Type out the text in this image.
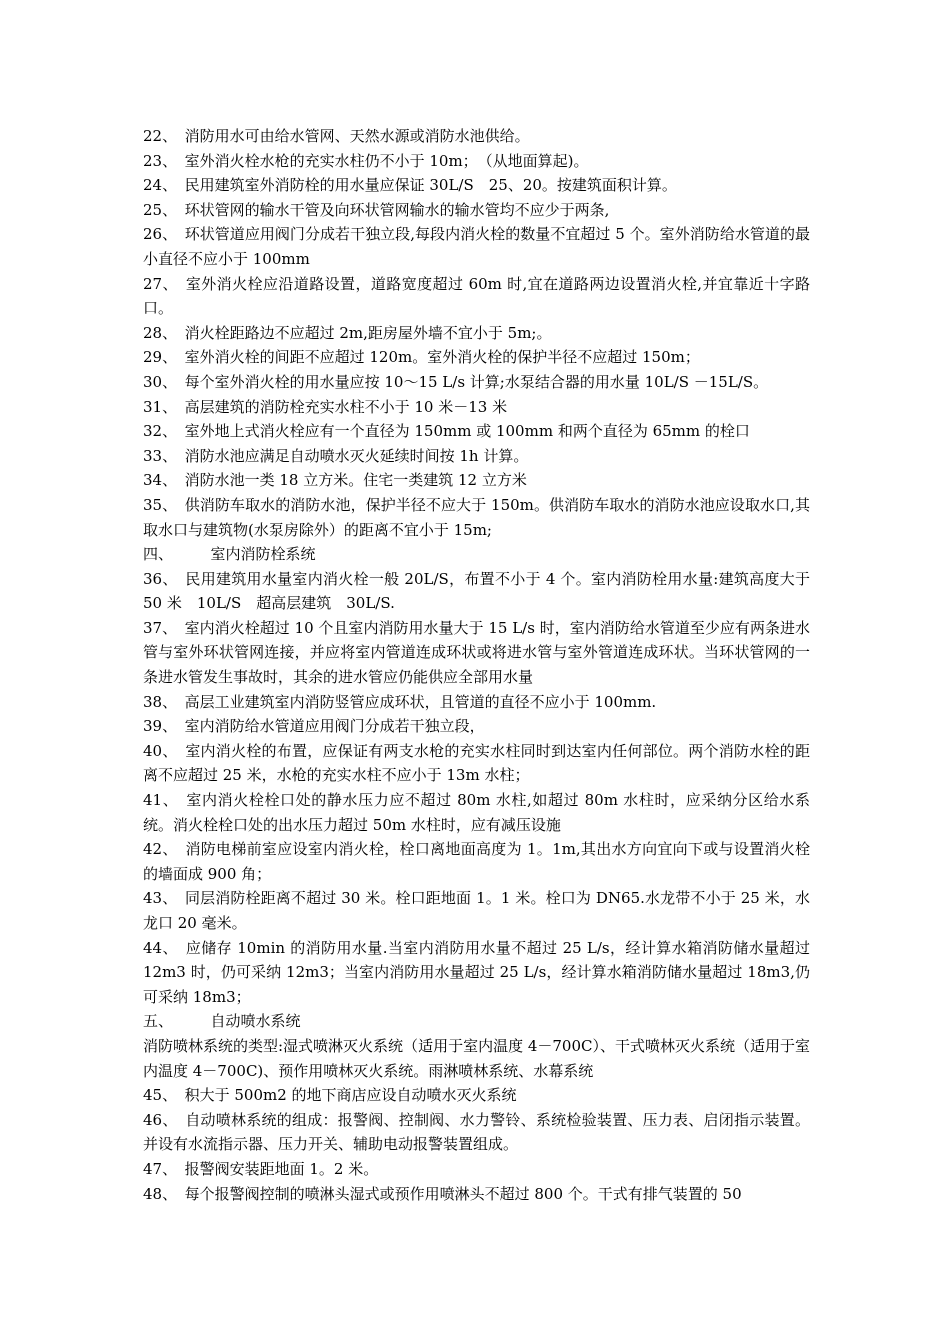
22、　消防用水可由给水管网、天然水源或消防水池供给。

23、　室外消火栓水枪的充实水柱仍不小于 10m；　（从地面算起)。

24、　民用建筑室外消防栓的用水量应保证 30L/S　25、20。按建筑面积计算。

25、　环状管网的输水干管及向环状管网输水的输水管均不应少于两条,

26、　环状管道应用阀门分成若干独立段,每段内消火栓的数量不宜超过 5 个。室外消防给水管道的最小直径不应小于 100mm

27、　室外消火栓应沿道路设置，道路宽度超过 60m 时,宜在道路两边设置消火栓,并宜靠近十字路口。

28、　消火栓距路边不应超过 2m,距房屋外墙不宜小于 5m;。

29、　室外消火栓的间距不应超过 120m。室外消火栓的保护半径不应超过 150m；

30、　每个室外消火栓的用水量应按 10～15 L/s 计算;水泵结合器的用水量 10L/S －15L/S。

31、　高层建筑的消防栓充实水柱不小于 10 米－13 米

32、　室外地上式消火栓应有一个直径为 150mm 或 100mm 和两个直径为 65mm 的栓口

33、　消防水池应满足自动喷水灭火延续时间按 1h 计算。

34、　消防水池一类 18 立方米。住宅一类建筑 12 立方米

35、　供消防车取水的消防水池，保护半径不应大于 150m。供消防车取水的消防水池应设取水口,其取水口与建筑物(水泵房除外）的距离不宜小于 15m;

四、　　　室内消防栓系统

36、　民用建筑用水量室内消火栓一般 20L/S，布置不小于 4 个。室内消防栓用水量:建筑高度大于 50 米　10L/S　超高层建筑　30L/S.

37、　室内消火栓超过 10 个且室内消防用水量大于 15 L/s 时，室内消防给水管道至少应有两条进水管与室外环状管网连接，并应将室内管道连成环状或将进水管与室外管道连成环状。当环状管网的一条进水管发生事故时，其余的进水管应仍能供应全部用水量

38、　高层工业建筑室内消防竖管应成环状，且管道的直径不应小于 100mm.

39、　室内消防给水管道应用阀门分成若干独立段，

40、　室内消火栓的布置，应保证有两支水枪的充实水柱同时到达室内任何部位。两个消防水栓的距离不应超过 25 米，水枪的充实水柱不应小于 13m 水柱；

41、　室内消火栓栓口处的静水压力应不超过 80m 水柱,如超过 80m 水柱时，应采纳分区给水系统。消火栓栓口处的出水压力超过 50m 水柱时，应有减压设施

42、　消防电梯前室应设室内消火栓，栓口离地面高度为 1。1m,其出水方向宜向下或与设置消火栓的墙面成 900 角；

43、　同层消防栓距离不超过 30 米。栓口距地面 1。1 米。栓口为 DN65.水龙带不小于 25 米，水龙口 20 毫米。

44、　应储存 10min 的消防用水量.当室内消防用水量不超过 25 L/s，经计算水箱消防储水量超过 12m3 时，仍可采纳 12m3；当室内消防用水量超过 25 L/s，经计算水箱消防储水量超过 18m3,仍可采纳 18m3；

五、　　　自动喷水系统

消防喷林系统的类型:湿式喷淋灭火系统（适用于室内温度 4－700C）、干式喷林灭火系统（适用于室内温度 4－700C)、预作用喷林灭火系统。雨淋喷林系统、水幕系统

45、　积大于 500m2 的地下商店应设自动喷水灭火系统

46、　自动喷林系统的组成：报警阀、控制阀、水力警铃、系统检验装置、压力表、启闭指示装置。并设有水流指示器、压力开关、辅助电动报警装置组成。

47、　报警阀安装距地面 1。2 米。

48、　每个报警阀控制的喷淋头湿式或预作用喷淋头不超过 800 个。干式有排气装置的 50
